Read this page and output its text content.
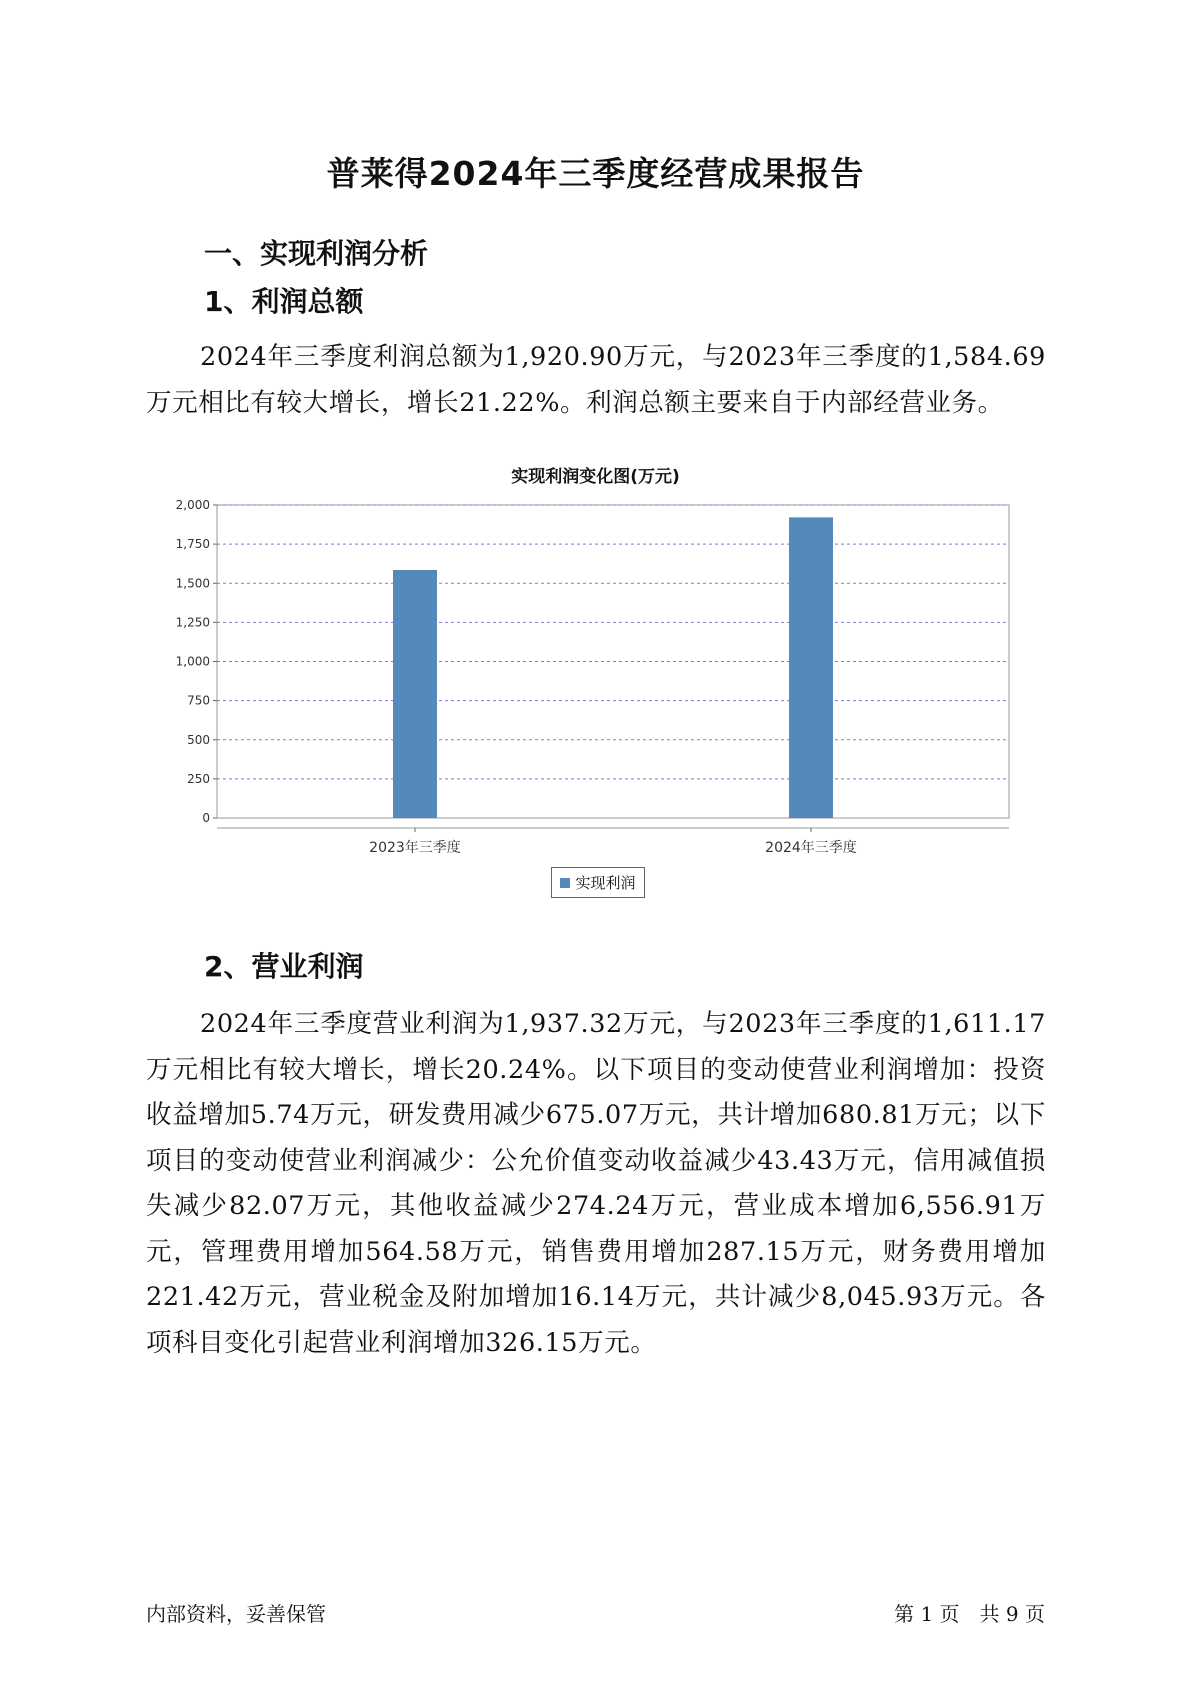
普莱得2024年三季度经营成果报告
一、实现利润分析
1、利润总额
2024年三季度利润总额为1,920.90万元，与2023年三季度的1,584.69万元相比有较大增长，增长21.22%。利润总额主要来自于内部经营业务。
实现利润变化图(万元)
0
250
500
750
1,000
1,250
1,500
1,750
2,000
2023年三季度	2024年三季度
实现利润
2、营业利润
2024年三季度营业利润为1,937.32万元，与2023年三季度的1,611.17万元相比有较大增长，增长20.24%。以下项目的变动使营业利润增加：投资收益增加5.74万元，研发费用减少675.07万元，共计增加680.81万元；以下项目的变动使营业利润减少：公允价值变动收益减少43.43万元，信用减值损失减少82.07万元，其他收益减少274.24万元，营业成本增加6,556.91万元，管理费用增加564.58万元，销售费用增加287.15万元，财务费用增加221.42万元，营业税金及附加增加16.14万元，共计减少8,045.93万元。各项科目变化引起营业利润增加326.15万元。
内部资料，妥善保管	第 1 页　共 9 页
